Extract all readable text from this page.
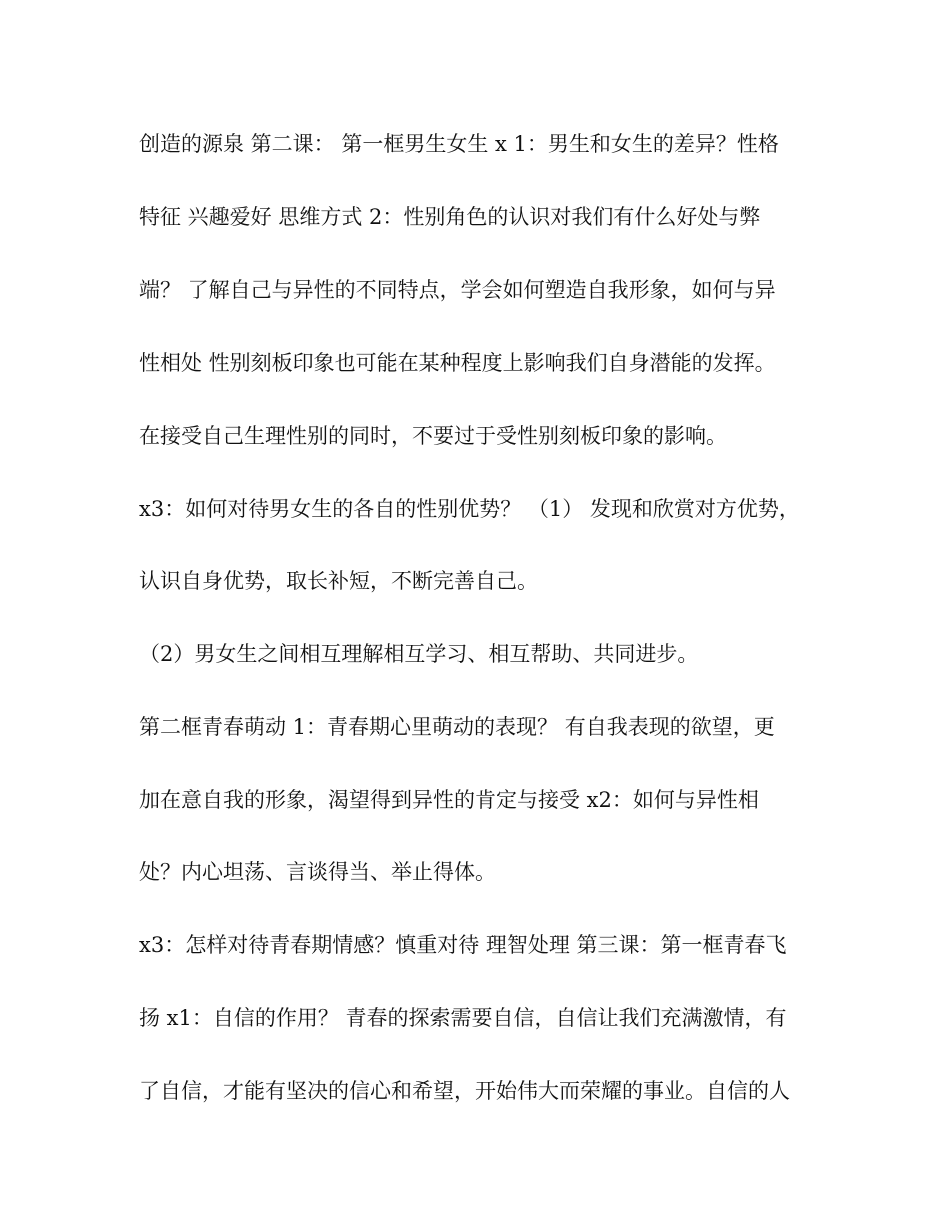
创造的源泉 第二课： 第一框男生女生 x 1：男生和女生的差异？性格
特征 兴趣爱好 思维方式 2：性别角色的认识对我们有什么好处与弊
端？ 了解自己与异性的不同特点，学会如何塑造自我形象，如何与异
性相处 性别刻板印象也可能在某种程度上影响我们自身潜能的发挥。
在接受自己生理性别的同时，不要过于受性别刻板印象的影响。
x3：如何对待男女生的各自的性别优势？ （1） 发现和欣赏对方优势，
认识自身优势，取长补短，不断完善自己。
（2）男女生之间相互理解相互学习、相互帮助、共同进步。
第二框青春萌动 1：青春期心里萌动的表现？ 有自我表现的欲望，更
加在意自我的形象，渴望得到异性的肯定与接受 x2：如何与异性相
处？内心坦荡、言谈得当、举止得体。
x3：怎样对待青春期情感？慎重对待 理智处理 第三课：第一框青春飞
扬 x1：自信的作用？ 青春的探索需要自信，自信让我们充满激情，有
了自信，才能有坚决的信心和希望，开始伟大而荣耀的事业。自信的人
